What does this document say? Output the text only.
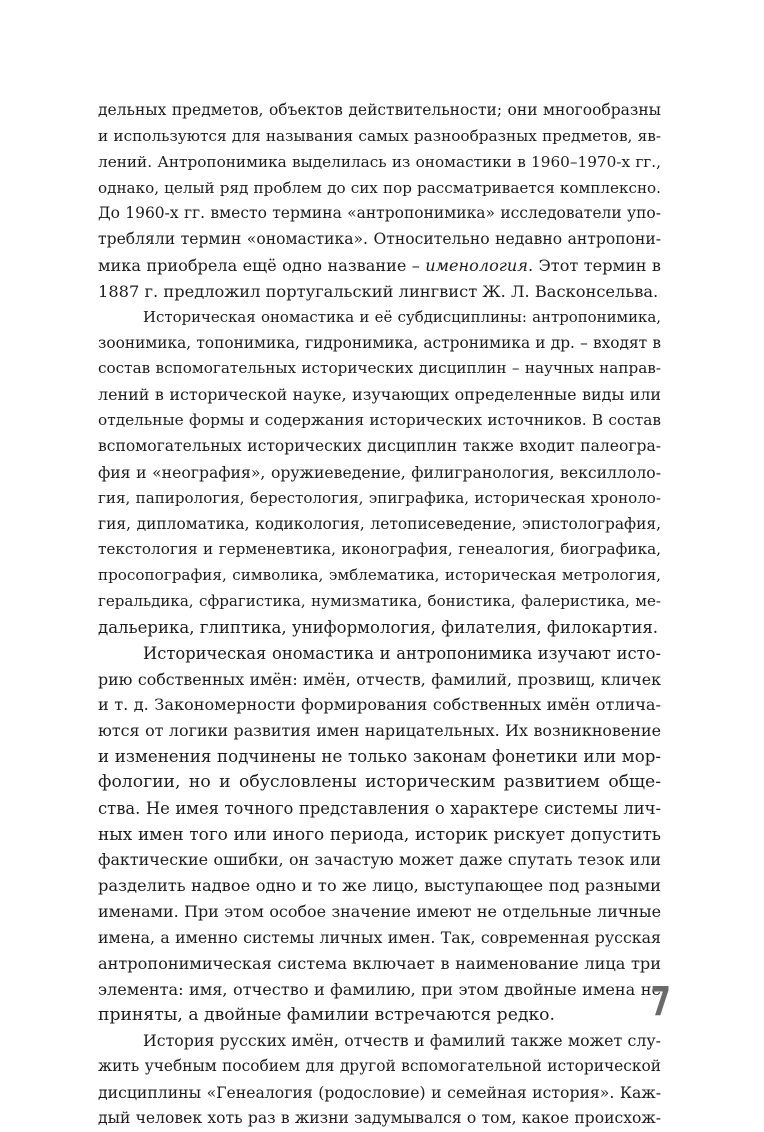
дельных предметов, объектов действительности; они многообразны
и используются для называния самых разнообразных предметов, яв-
лений. Антропонимика выделилась из ономастики в 1960–1970-х гг.,
однако, целый ряд проблем до сих пор рассматривается комплексно.
До 1960-х гг. вместо термина «антропонимика» исследователи упо-
требляли термин «ономастика». Относительно недавно антропони-
мика приобрела ещё одно название – именология. Этот термин в
1887 г. предложил португальский лингвист Ж. Л. Васконсельва.
Историческая ономастика и её субдисциплины: антропонимика,
зоонимика, топонимика, гидронимика, астронимика и др. – входят в
состав вспомогательных исторических дисциплин – научных направ-
лений в исторической науке, изучающих определенные виды или
отдельные формы и содержания исторических источников. В состав
вспомогательных исторических дисциплин также входит палеогра-
фия и «неография», оружиеведение, филигранология, вексиллоло-
гия, папирология, берестология, эпиграфика, историческая хроноло-
гия, дипломатика, кодикология, летописеведение, эпистолография,
текстология и герменевтика, иконография, генеалогия, биографика,
просопография, символика, эмблематика, историческая метрология,
геральдика, сфрагистика, нумизматика, бонистика, фалеристика, ме-
дальерика, глиптика, униформология, филателия, филокартия.
Историческая ономастика и антропонимика изучают исто-
рию собственных имён: имён, отчеств, фамилий, прозвищ, кличек
и т. д. Закономерности формирования собственных имён отлича-
ются от логики развития имен нарицательных. Их возникновение
и изменения подчинены не только законам фонетики или мор-
фологии, но и обусловлены историческим развитием обще-
ства. Не имея точного представления о характере системы лич-
ных имен того или иного периода, историк рискует допустить
фактические ошибки, он зачастую может даже спутать тезок или
разделить надвое одно и то же лицо, выступающее под разными
именами. При этом особое значение имеют не отдельные личные
имена, а именно системы личных имен. Так, современная русская
антропонимическая система включает в наименование лица три
элемента: имя, отчество и фамилию, при этом двойные имена не
приняты, а двойные фамилии встречаются редко.
История русских имён, отчеств и фамилий также может слу-
жить учебным пособием для другой вспомогательной исторической
дисциплины «Генеалогия (родословие) и семейная история». Каж-
дый человек хоть раз в жизни задумывался о том, какое происхож-
7
